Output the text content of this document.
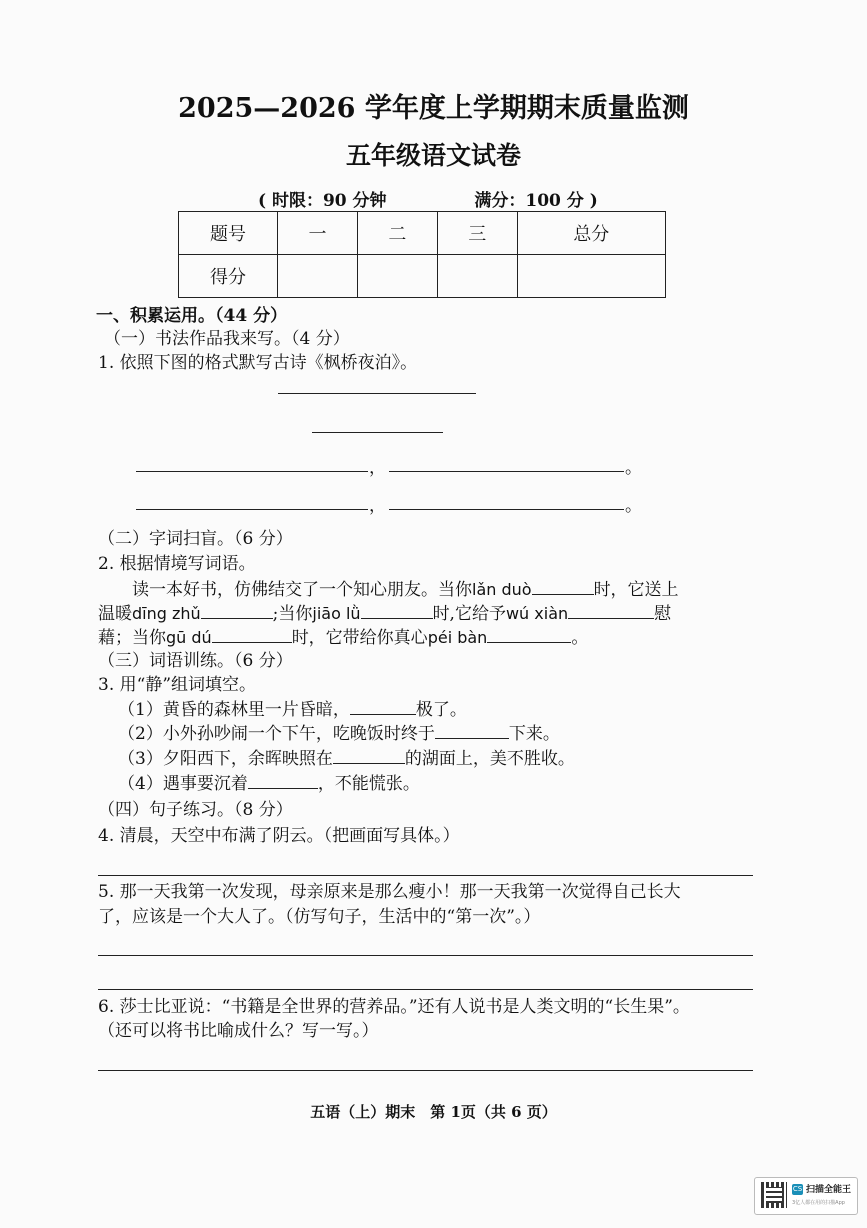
2025—2026 学年度上学期期末质量监测
五年级语文试卷
( 时限：90 分钟	满分：100 分 )
题号	一	二	三	总分
得分				
一、积累运用。（44 分）
（一）书法作品我来写。（4 分）
1. 依照下图的格式默写古诗《枫桥夜泊》。
，	。
，	。
（二）字词扫盲。（6 分）
2. 根据情境写词语。
读一本好书，仿佛结交了一个知心朋友。当你lǎn duò	时，它送上
温暖dīng zhǔ	;当你jiāo lǜ	时,它给予wú xiàn	慰
藉；当你gū dú	时，它带给你真心péi bàn	。
（三）词语训练。（6 分）
3. 用“静”组词填空。
（1）黄昏的森林里一片昏暗，	极了。
（2）小外孙吵闹一个下午，吃晚饭时终于	下来。
（3）夕阳西下，余晖映照在	的湖面上，美不胜收。
（4）遇事要沉着	，不能慌张。
（四）句子练习。（8 分）
4. 清晨，天空中布满了阴云。（把画面写具体。）
5. 那一天我第一次发现，母亲原来是那么瘦小！那一天我第一次觉得自己长大
了，应该是一个大人了。（仿写句子，生活中的“第一次”。）
6. 莎士比亚说：“书籍是全世界的营养品。”还有人说书是人类文明的“长生果”。
（还可以将书比喻成什么？写一写。）
五语（上）期末　第 1页（共 6 页）
CS 扫描全能王
3亿人都在用的扫描App
